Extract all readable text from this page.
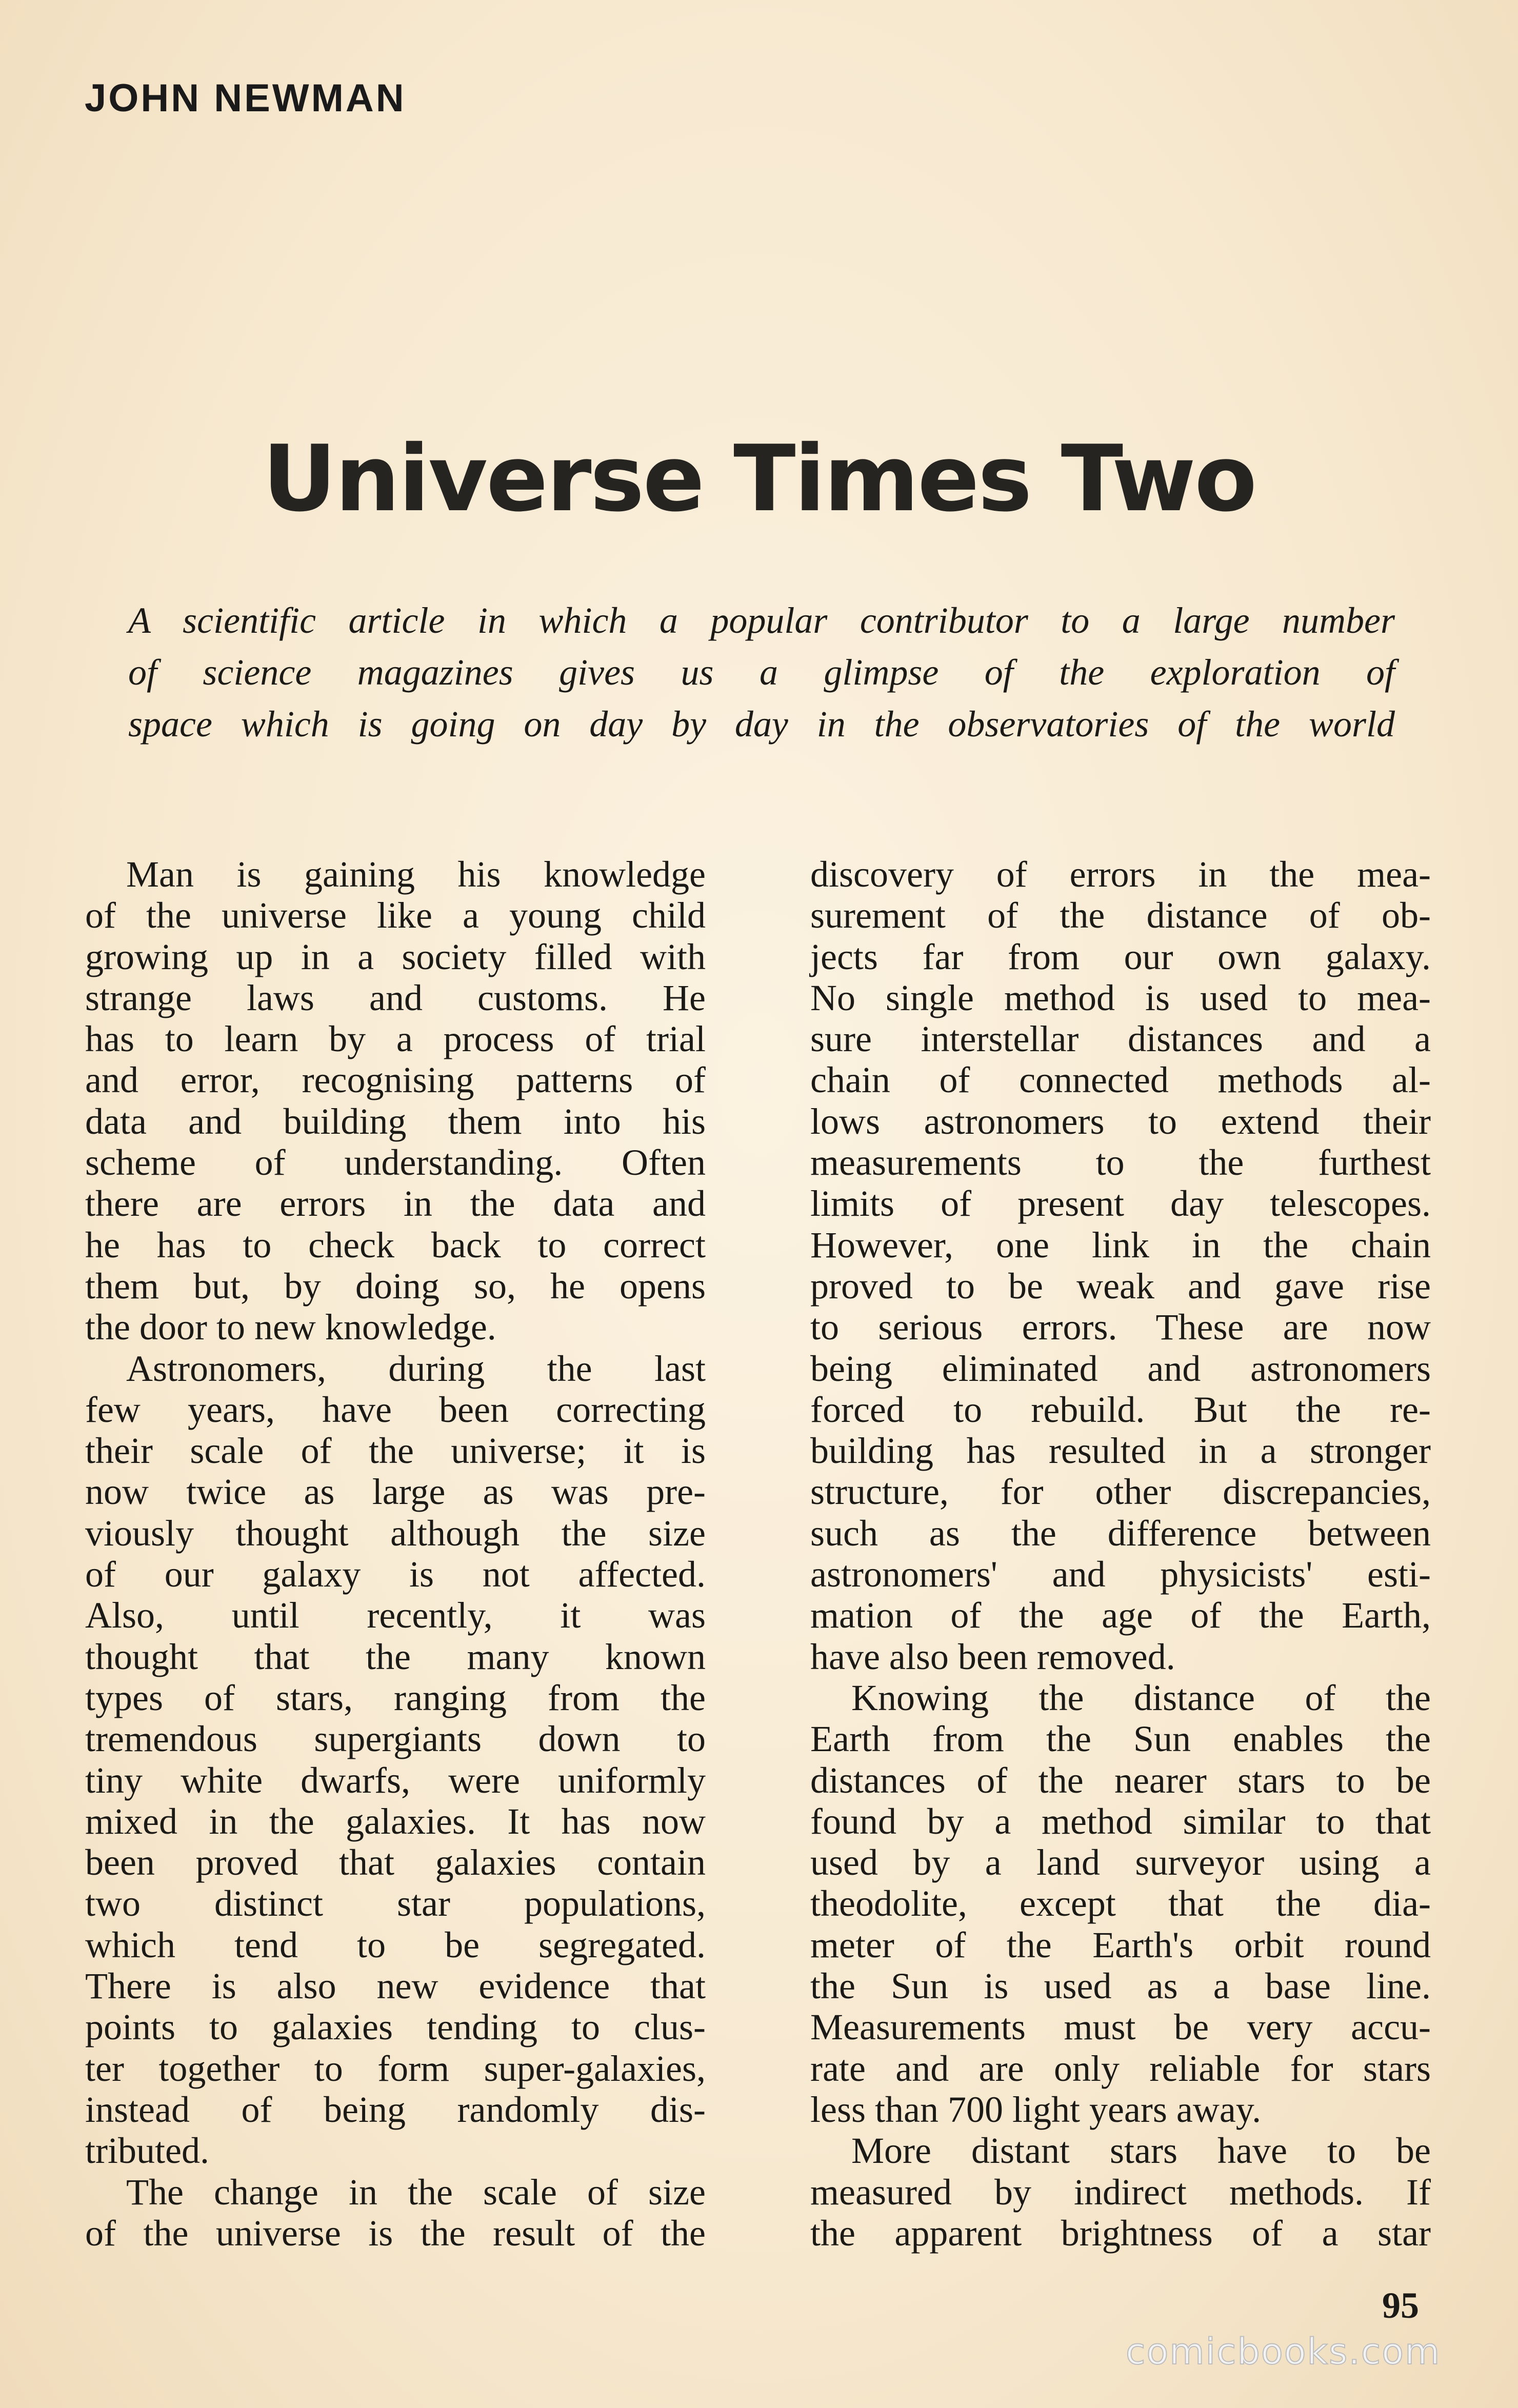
JOHN NEWMAN
Universe Times Two
A scientific article in which a popular contributor to a large number
of science magazines gives us a glimpse of the exploration of
space which is going on day by day in the observatories of the world
Man is gaining his knowledge
of the universe like a young child
growing up in a society filled with
strange laws and customs. He
has to learn by a process of trial
and error, recognising patterns of
data and building them into his
scheme of understanding. Often
there are errors in the data and
he has to check back to correct
them but, by doing so, he opens
the door to new knowledge.
Astronomers, during the last
few years, have been correcting
their scale of the universe; it is
now twice as large as was pre-
viously thought although the size
of our galaxy is not affected.
Also, until recently, it was
thought that the many known
types of stars, ranging from the
tremendous supergiants down to
tiny white dwarfs, were uniformly
mixed in the galaxies. It has now
been proved that galaxies contain
two distinct star populations,
which tend to be segregated.
There is also new evidence that
points to galaxies tending to clus-
ter together to form super-galaxies,
instead of being randomly dis-
tributed.
The change in the scale of size
of the universe is the result of the
discovery of errors in the mea-
surement of the distance of ob-
jects far from our own galaxy.
No single method is used to mea-
sure interstellar distances and a
chain of connected methods al-
lows astronomers to extend their
measurements to the furthest
limits of present day telescopes.
However, one link in the chain
proved to be weak and gave rise
to serious errors. These are now
being eliminated and astronomers
forced to rebuild. But the re-
building has resulted in a stronger
structure, for other discrepancies,
such as the difference between
astronomers' and physicists' esti-
mation of the age of the Earth,
have also been removed.
Knowing the distance of the
Earth from the Sun enables the
distances of the nearer stars to be
found by a method similar to that
used by a land surveyor using a
theodolite, except that the dia-
meter of the Earth's orbit round
the Sun is used as a base line.
Measurements must be very accu-
rate and are only reliable for stars
less than 700 light years away.
More distant stars have to be
measured by indirect methods. If
the apparent brightness of a star
95
comicbooks.com
